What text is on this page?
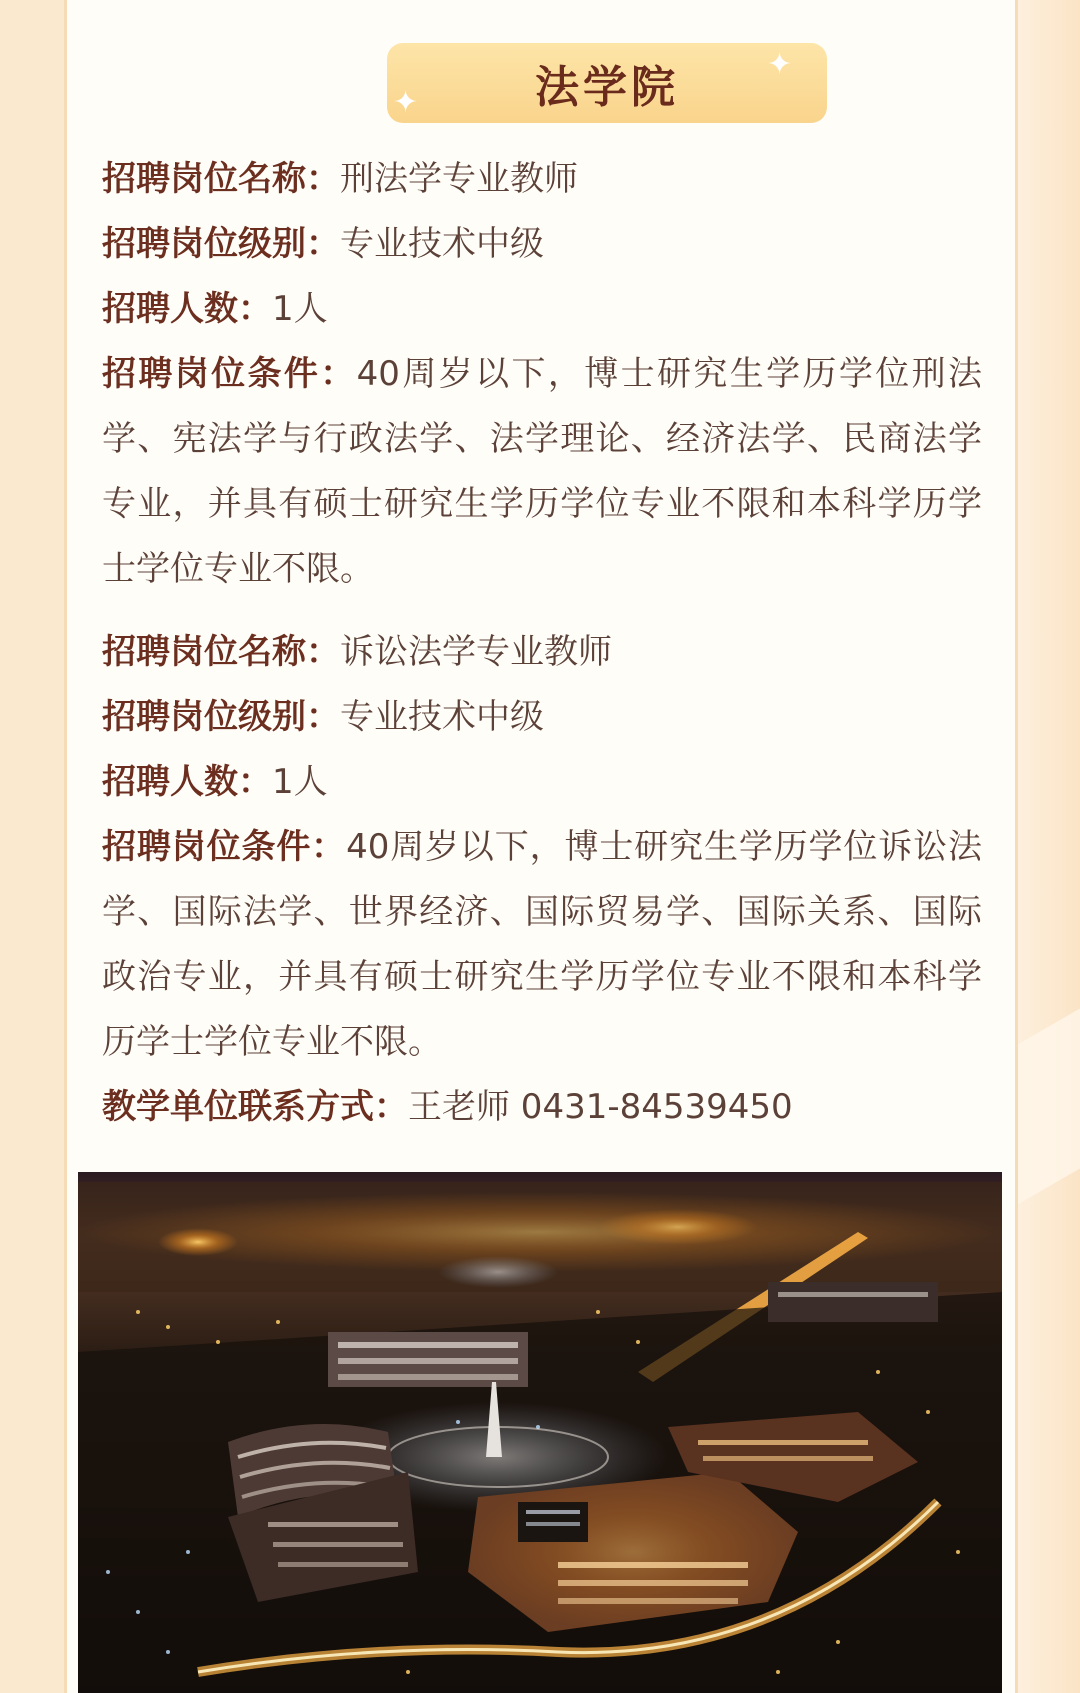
法学院
✦
✦
招聘岗位名称：刑法学专业教师
招聘岗位级别：专业技术中级
招聘人数：1人
招聘岗位条件：40周岁以下，博士研究生学历学位刑法学、宪法学与行政法学、法学理论、经济法学、民商法学专业，并具有硕士研究生学历学位专业不限和本科学历学士学位专业不限。
招聘岗位名称：诉讼法学专业教师
招聘岗位级别：专业技术中级
招聘人数：1人
招聘岗位条件：40周岁以下，博士研究生学历学位诉讼法学、国际法学、世界经济、国际贸易学、国际关系、国际政治专业，并具有硕士研究生学历学位专业不限和本科学历学士学位专业不限。
教学单位联系方式：王老师 0431-84539450
